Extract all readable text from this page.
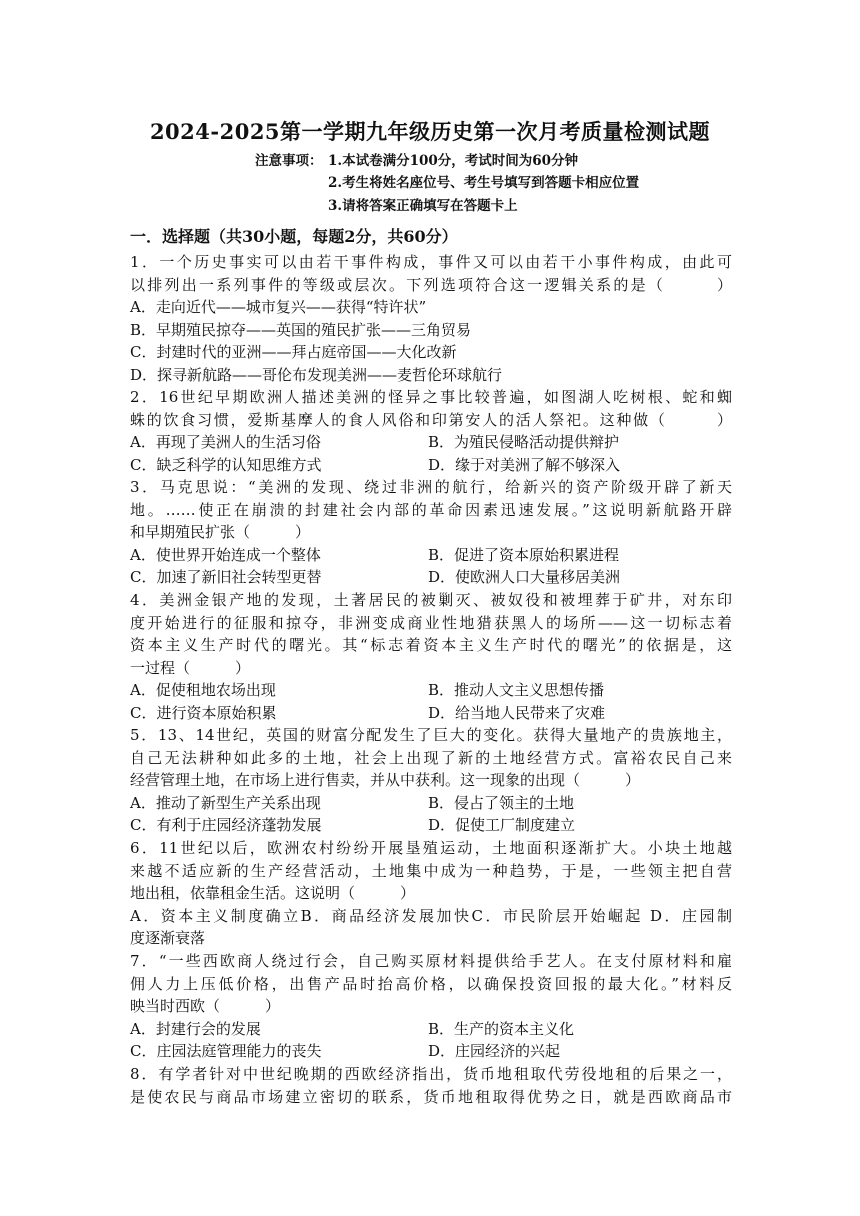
2024-2025第一学期九年级历史第一次月考质量检测试题
注意事项： 1.本试卷满分100分，考试时间为60分钟
2.考生将姓名座位号、考生号填写到答题卡相应位置
3.请将答案正确填写在答题卡上
一．选择题（共30小题，每题2分，共60分）
1．一个历史事实可以由若干事件构成，事件又可以由若干小事件构成，由此可
以排列出一系列事件的等级或层次。下列选项符合这一逻辑关系的是（　　　）
A．走向近代——城市复兴——获得“特许状”
B．早期殖民掠夺——英国的殖民扩张——三角贸易
C．封建时代的亚洲——拜占庭帝国——大化改新
D．探寻新航路——哥伦布发现美洲——麦哲伦环球航行
2．16世纪早期欧洲人描述美洲的怪异之事比较普遍，如图湖人吃树根、蛇和蜘
蛛的饮食习惯，爱斯基摩人的食人风俗和印第安人的活人祭祀。这种做（　　　）
A．再现了美洲人的生活习俗	B．为殖民侵略活动提供辩护
C．缺乏科学的认知思维方式	D．缘于对美洲了解不够深入
3．马克思说：“美洲的发现、绕过非洲的航行，给新兴的资产阶级开辟了新天
地。……使正在崩溃的封建社会内部的革命因素迅速发展。”这说明新航路开辟
和早期殖民扩张（　　　）
A．使世界开始连成一个整体	B．促进了资本原始积累进程
C．加速了新旧社会转型更替	D．使欧洲人口大量移居美洲
4．美洲金银产地的发现，土著居民的被剿灭、被奴役和被埋葬于矿井，对东印
度开始进行的征服和掠夺，非洲变成商业性地猎获黑人的场所——这一切标志着
资本主义生产时代的曙光。其“标志着资本主义生产时代的曙光”的依据是，这
一过程（　　　）
A．促使租地农场出现	B．推动人文主义思想传播
C．进行资本原始积累	D．给当地人民带来了灾难
5．13、14世纪，英国的财富分配发生了巨大的变化。获得大量地产的贵族地主，
自己无法耕种如此多的土地，社会上出现了新的土地经营方式。富裕农民自己来
经营管理土地，在市场上进行售卖，并从中获利。这一现象的出现（　　　）
A．推动了新型生产关系出现	B．侵占了领主的土地
C．有利于庄园经济蓬勃发展	D．促使工厂制度建立
6．11世纪以后，欧洲农村纷纷开展垦殖运动，土地面积逐渐扩大。小块土地越
来越不适应新的生产经营活动，土地集中成为一种趋势，于是，一些领主把自营
地出租，依靠租金生活。这说明（　　　）
A．资本主义制度确立B．商品经济发展加快C．市民阶层开始崛起 D．庄园制
度逐渐衰落
7．“一些西欧商人绕过行会，自己购买原材料提供给手艺人。在支付原材料和雇
佣人力上压低价格，出售产品时抬高价格，以确保投资回报的最大化。”材料反
映当时西欧（　　　）
A．封建行会的发展	B．生产的资本主义化
C．庄园法庭管理能力的丧失	D．庄园经济的兴起
8．有学者针对中世纪晚期的西欧经济指出，货币地租取代劳役地租的后果之一，
是使农民与商品市场建立密切的联系，货币地租取得优势之日，就是西欧商品市
